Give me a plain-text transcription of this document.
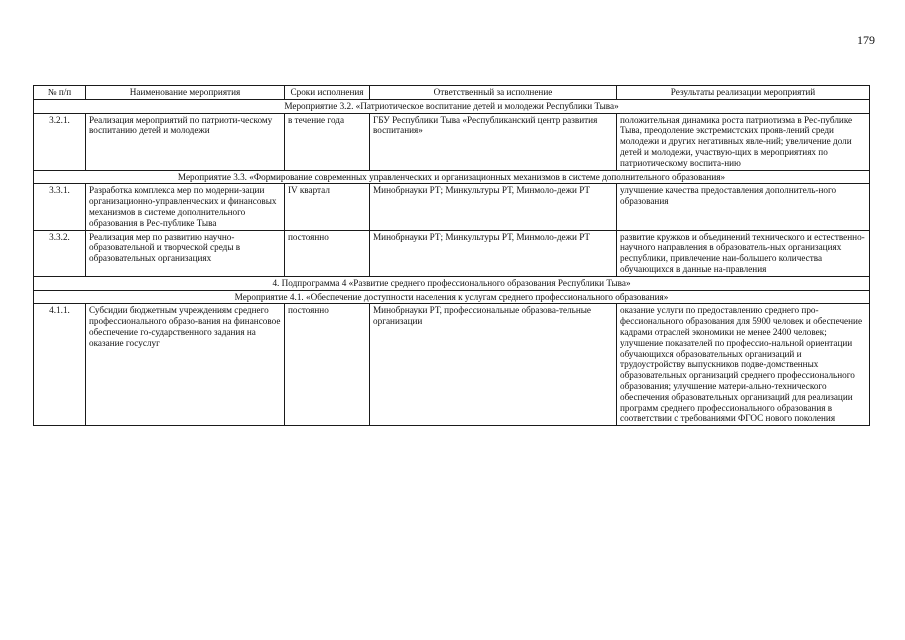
179
№ п/п	Наименование мероприятия	Сроки исполнения	Ответственный за исполнение	Результаты реализации мероприятий
Мероприятие 3.2. «Патриотическое воспитание детей и молодежи Республики Тыва»				
3.2.1.	Реализация мероприятий по патриоти-ческому воспитанию детей и молодежи	в течение года	ГБУ Республики Тыва «Республиканский центр развития воспитания»	положительная динамика роста патриотизма в Рес-публике Тыва, преодоление экстремистских прояв-лений среди молодежи и других негативных явле-ний; увеличение доли детей и молодежи, участвую-щих в мероприятиях по патриотическому воспита-нию
Мероприятие 3.3. «Формирование современных управленческих и организационных механизмов в системе дополнительного образования»				
3.3.1.	Разработка комплекса мер по модерни-зации организационно-управленческих и финансовых механизмов в системе дополнительного образования в Рес-публике Тыва	IV квартал	Минобрнауки РТ; Минкультуры РТ, Минмоло-дежи РТ	улучшение качества предоставления дополнитель-ного образования
3.3.2.	Реализация мер по развитию научно-образовательной и творческой среды в образовательных организациях	постоянно	Минобрнауки РТ; Минкультуры РТ, Минмоло-дежи РТ	развитие кружков и объединений технического и естественно-научного направления в образователь-ных организациях республики, привлечение наи-большего количества обучающихся в данные на-правления
4. Подпрограмма 4 «Развитие среднего профессионального образования Республики Тыва»				
Мероприятие 4.1. «Обеспечение доступности населения к услугам среднего профессионального образования»				
4.1.1.	Субсидии бюджетным учреждениям среднего профессионального образо-вания на финансовое обеспечение го-сударственного задания на оказание госуслуг	постоянно	Минобрнауки РТ, профессиональные образова-тельные организации	оказание услуги по предоставлению среднего про-фессионального образования для 5900 человек и обеспечение кадрами отраслей экономики не менее 2400 человек; улучшение показателей по профессио-нальной ориентации обучающихся образовательных организаций и трудоустройству выпускников подве-домственных образовательных организаций среднего профессионального образования; улучшение матери-ально-технического обеспечения образовательных организаций для реализации программ среднего профессионального образования в соответствии с требованиями ФГОС нового поколения
